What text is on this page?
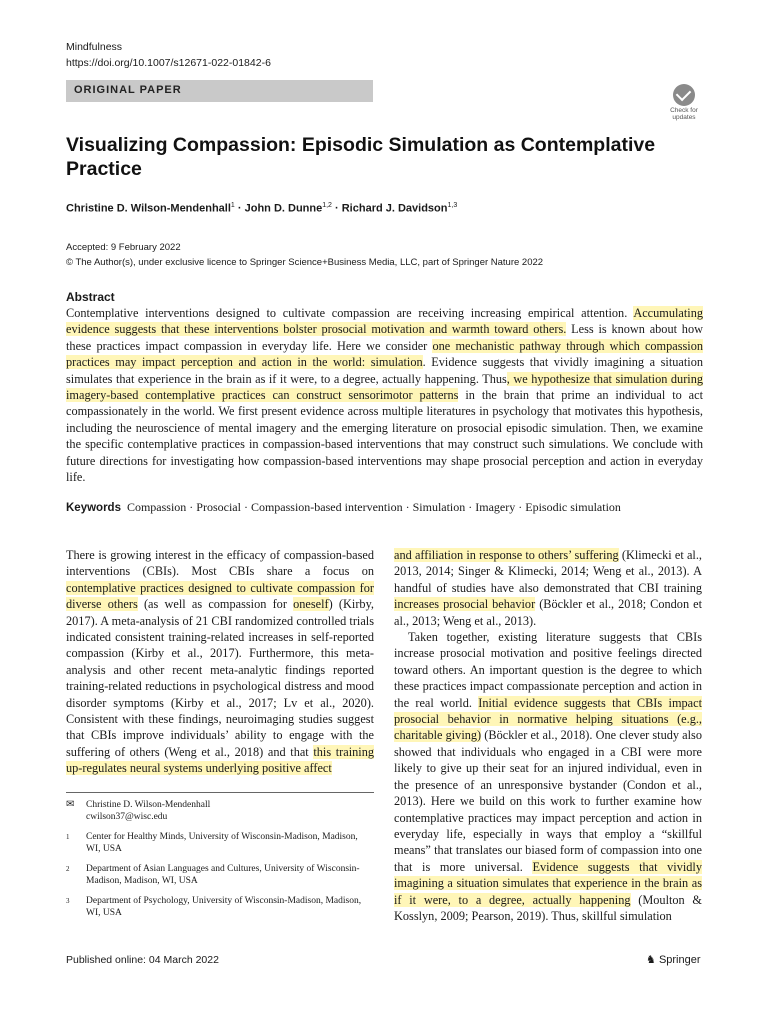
Mindfulness
https://doi.org/10.1007/s12671-022-01842-6
ORIGINAL PAPER
Check for updates
Visualizing Compassion: Episodic Simulation as Contemplative Practice
Christine D. Wilson-Mendenhall$^1$ · John D. Dunne$^{1,2}$ · Richard J. Davidson$^{1,3}$
Accepted: 9 February 2022
© The Author(s), under exclusive licence to Springer Science+Business Media, LLC, part of Springer Nature 2022
Abstract
Contemplative interventions designed to cultivate compassion are receiving increasing empirical attention. Accumulating evidence suggests that these interventions bolster prosocial motivation and warmth toward others. Less is known about how these practices impact compassion in everyday life. Here we consider one mechanistic pathway through which compassion practices may impact perception and action in the world: simulation. Evidence suggests that vividly imagining a situation simulates that experience in the brain as if it were, to a degree, actually happening. Thus, we hypothesize that simulation during imagery-based contemplative practices can construct sensorimotor patterns in the brain that prime an individual to act compassionately in the world. We first present evidence across multiple literatures in psychology that motivates this hypothesis, including the neuroscience of mental imagery and the emerging literature on prosocial episodic simulation. Then, we examine the specific contemplative practices in compassion-based interventions that may construct such simulations. We conclude with future directions for investigating how compassion-based interventions may shape prosocial perception and action in everyday life.
Keywords Compassion · Prosocial · Compassion-based intervention · Simulation · Imagery · Episodic simulation

There is growing interest in the efficacy of compassion-based interventions (CBIs). Most CBIs share a focus on contemplative practices designed to cultivate compassion for diverse others (as well as compassion for oneself) (Kirby, 2017). A meta-analysis of 21 CBI randomized controlled trials indicated consistent training-related increases in self-reported compassion (Kirby et al., 2017). Furthermore, this meta-analysis and other recent meta-analytic findings reported training-related reductions in psychological distress and mood disorder symptoms (Kirby et al., 2017; Lv et al., 2020). Consistent with these findings, neuroimaging studies suggest that CBIs improve individuals’ ability to engage with the suffering of others (Weng et al., 2018) and that this training up-regulates neural systems underlying positive affect

and affiliation in response to others’ suffering (Klimecki et al., 2013, 2014; Singer & Klimecki, 2014; Weng et al., 2013). A handful of studies have also demonstrated that CBI training increases prosocial behavior (Böckler et al., 2018; Condon et al., 2013; Weng et al., 2013).

Taken together, existing literature suggests that CBIs increase prosocial motivation and positive feelings directed toward others. An important question is the degree to which these practices impact compassionate perception and action in the real world. Initial evidence suggests that CBIs impact prosocial behavior in normative helping situations (e.g., charitable giving) (Böckler et al., 2018). One clever study also showed that individuals who engaged in a CBI were more likely to give up their seat for an injured individual, even in the presence of an unresponsive bystander (Condon et al., 2013). Here we build on this work to further examine how contemplative practices may impact perception and action in everyday life, especially in ways that employ a “skillful means” that translates our biased form of compassion into one that is more universal. Evidence suggests that vividly imagining a situation simulates that experience in the brain as if it were, to a degree, actually happening (Moulton & Kosslyn, 2009; Pearson, 2019). Thus, skillful simulation

✉	Christine D. Wilson-Mendenhall
cwilson37@wisc.edu
1	Center for Healthy Minds, University of Wisconsin-Madison, Madison, WI, USA
2	Department of Asian Languages and Cultures, University of Wisconsin-Madison, Madison, WI, USA
3	Department of Psychology, University of Wisconsin-Madison, Madison, WI, USA
Published online: 04 March 2022	♞ Springer
